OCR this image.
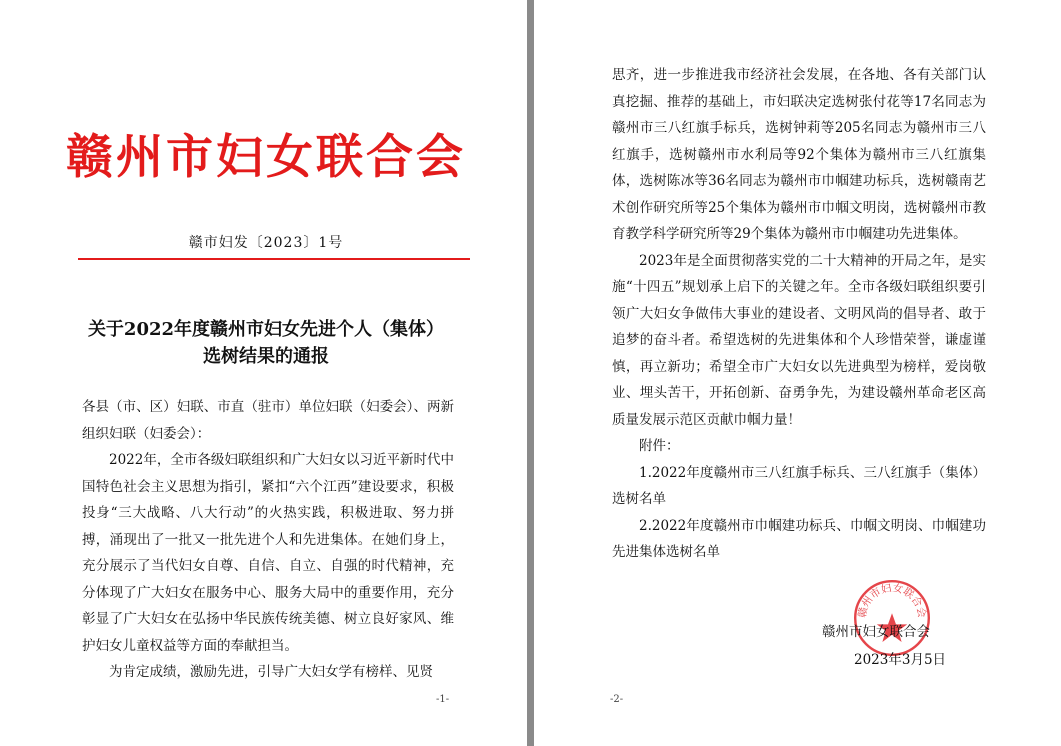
赣州市妇女联合会
赣市妇发〔2023〕1号
关于2022年度赣州市妇女先进个人（集体）
选树结果的通报

各县（市、区）妇联、市直（驻市）单位妇联（妇委会）、两新组织妇联（妇委会）：

2022年，全市各级妇联组织和广大妇女以习近平新时代中国特色社会主义思想为指引，紧扣“六个江西”建设要求，积极投身“三大战略、八大行动”的火热实践，积极进取、努力拼搏，涌现出了一批又一批先进个人和先进集体。在她们身上，充分展示了当代妇女自尊、自信、自立、自强的时代精神，充分体现了广大妇女在服务中心、服务大局中的重要作用，充分彰显了广大妇女在弘扬中华民族传统美德、树立良好家风、维护妇女儿童权益等方面的奉献担当。

为肯定成绩，激励先进，引导广大妇女学有榜样、见贤

-1-

思齐，进一步推进我市经济社会发展，在各地、各有关部门认真挖掘、推荐的基础上，市妇联决定选树张付花等17名同志为赣州市三八红旗手标兵，选树钟莉等205名同志为赣州市三八红旗手，选树赣州市水利局等92个集体为赣州市三八红旗集体，选树陈冰等36名同志为赣州市巾帼建功标兵，选树赣南艺术创作研究所等25个集体为赣州市巾帼文明岗，选树赣州市教育教学科学研究所等29个集体为赣州市巾帼建功先进集体。

2023年是全面贯彻落实党的二十大精神的开局之年，是实施“十四五”规划承上启下的关键之年。全市各级妇联组织要引领广大妇女争做伟大事业的建设者、文明风尚的倡导者、敢于追梦的奋斗者。希望选树的先进集体和个人珍惜荣誉，谦虚谨慎，再立新功；希望全市广大妇女以先进典型为榜样，爱岗敬业、埋头苦干，开拓创新、奋勇争先，为建设赣州革命老区高质量发展示范区贡献巾帼力量！

附件：

1.2022年度赣州市三八红旗手标兵、三八红旗手（集体）选树名单

2.2022年度赣州市巾帼建功标兵、巾帼文明岗、巾帼建功先进集体选树名单

赣州市妇女联合会
赣州市妇女联合会
2023年3月5日
-2-
